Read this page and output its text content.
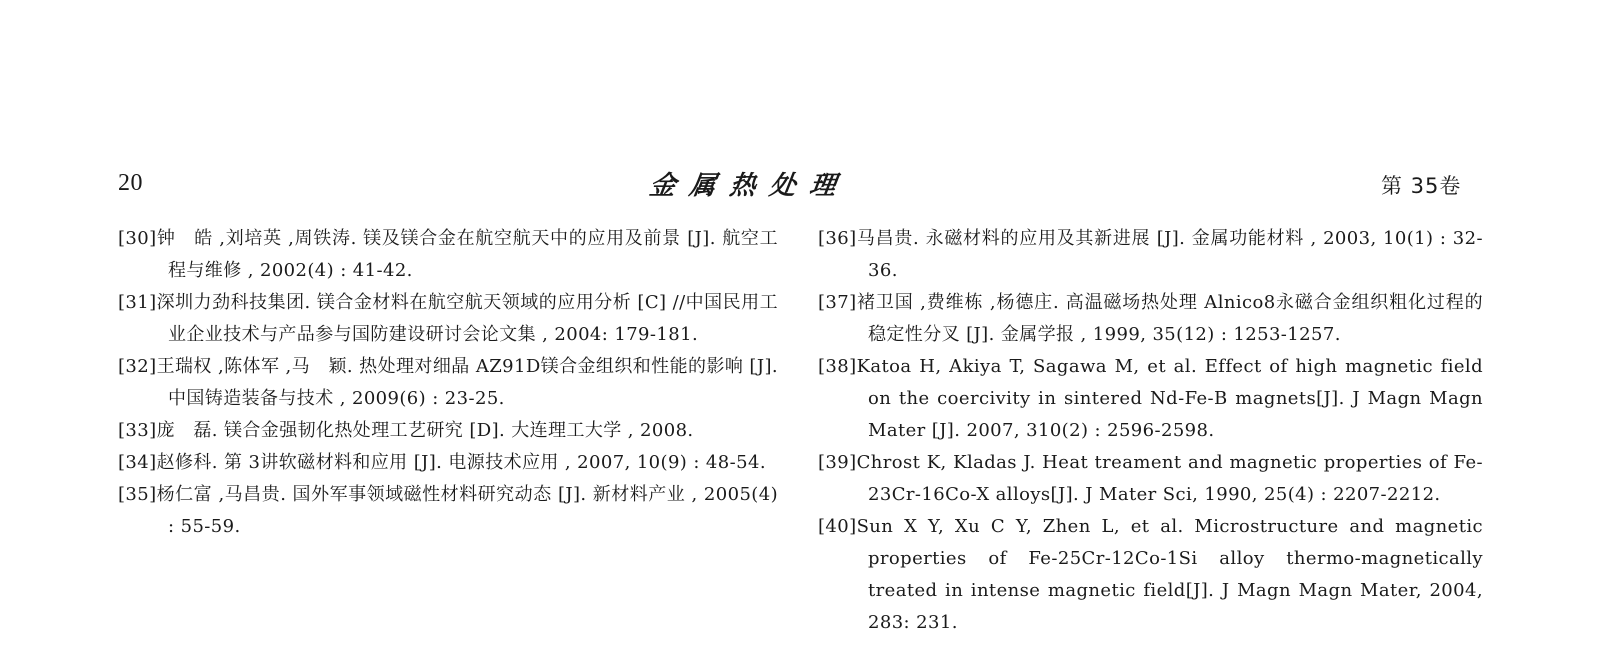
20	金属热处理	第 35卷

[30]钟　皓 ,刘培英 ,周铁涛. 镁及镁合金在航空航天中的应用及前景 [J]. 航空工程与维修 , 2002(4) : 41-42.

[31]深圳力劲科技集团. 镁合金材料在航空航天领域的应用分析 [C] //中国民用工业企业技术与产品参与国防建设研讨会论文集 , 2004: 179-181.

[32]王瑞权 ,陈体军 ,马　颖. 热处理对细晶 AZ91D镁合金组织和性能的影响 [J]. 中国铸造装备与技术 , 2009(6) : 23-25.

[33]庞　磊. 镁合金强韧化热处理工艺研究 [D]. 大连理工大学 , 2008.

[34]赵修科. 第 3讲软磁材料和应用 [J]. 电源技术应用 , 2007, 10(9) : 48-54.

[35]杨仁富 ,马昌贵. 国外军事领域磁性材料研究动态 [J]. 新材料产业 , 2005(4) : 55-59.

[36]马昌贵. 永磁材料的应用及其新进展 [J]. 金属功能材料 , 2003, 10(1) : 32-36.

[37]褚卫国 ,费维栋 ,杨德庄. 高温磁场热处理 Alnico8永磁合金组织粗化过程的稳定性分叉 [J]. 金属学报 , 1999, 35(12) : 1253-1257.

[38]Katoa H, Akiya T, Sagawa M, et al. Effect of high magnetic field on the coercivity in sintered Nd-Fe-B magnets[J]. J Magn Magn Mater [J]. 2007, 310(2) : 2596-2598.

[39]Chrost K, Kladas J. Heat treament and magnetic properties of Fe-23Cr-16Co-X alloys[J]. J Mater Sci, 1990, 25(4) : 2207-2212.

[40]Sun X Y, Xu C Y, Zhen L, et al. Microstructure and magnetic properties of Fe-25Cr-12Co-1Si alloy thermo-magnetically treated in intense magnetic field[J]. J Magn Magn Mater, 2004, 283: 231.
